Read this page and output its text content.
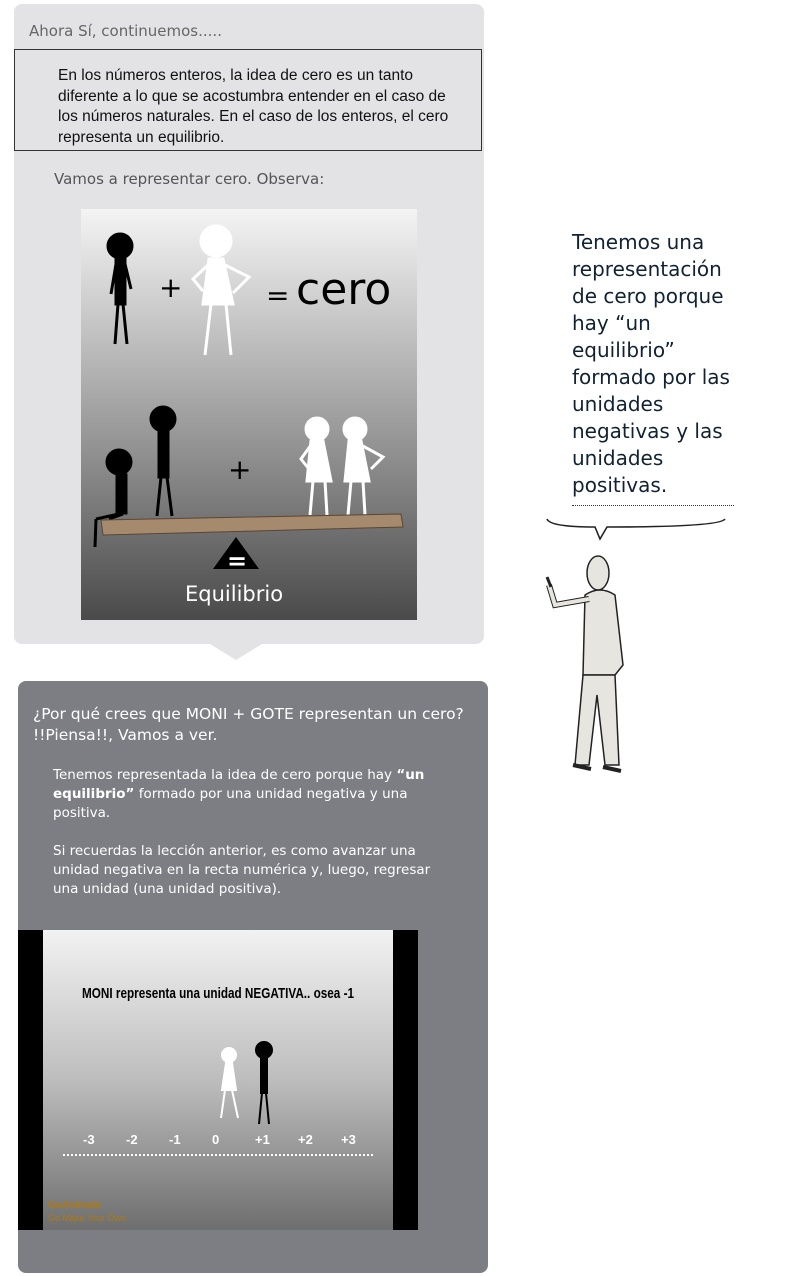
Ahora Sí, continuemos.....

En los números enteros, la idea de cero es un tanto diferente a lo que se acostumbra entender en el caso de los números naturales. En el caso de los enteros, el cero representa un equilibrio.

Vamos a representar cero. Observa:
+	= cero
+
=
Equilibrio
Tenemos una representación de cero porque hay “un equilibrio” formado por las unidades negativas y las unidades positivas.
¿Por qué crees que MONI + GOTE representan un cero? !!Piensa!!, Vamos a ver.
Tenemos representada la idea de cero porque hay “un equilibrio” formado por una unidad negativa y una positiva.
Si recuerdas la lección anterior, es como avanzar una unidad negativa en la recta numérica y, luego, regresar una unidad (una unidad positiva).
MONI representa una unidad NEGATIVA.. osea -1
-3 -2 -1 0	+1 +2 +3
GoAnimate
Go Make Your Own
